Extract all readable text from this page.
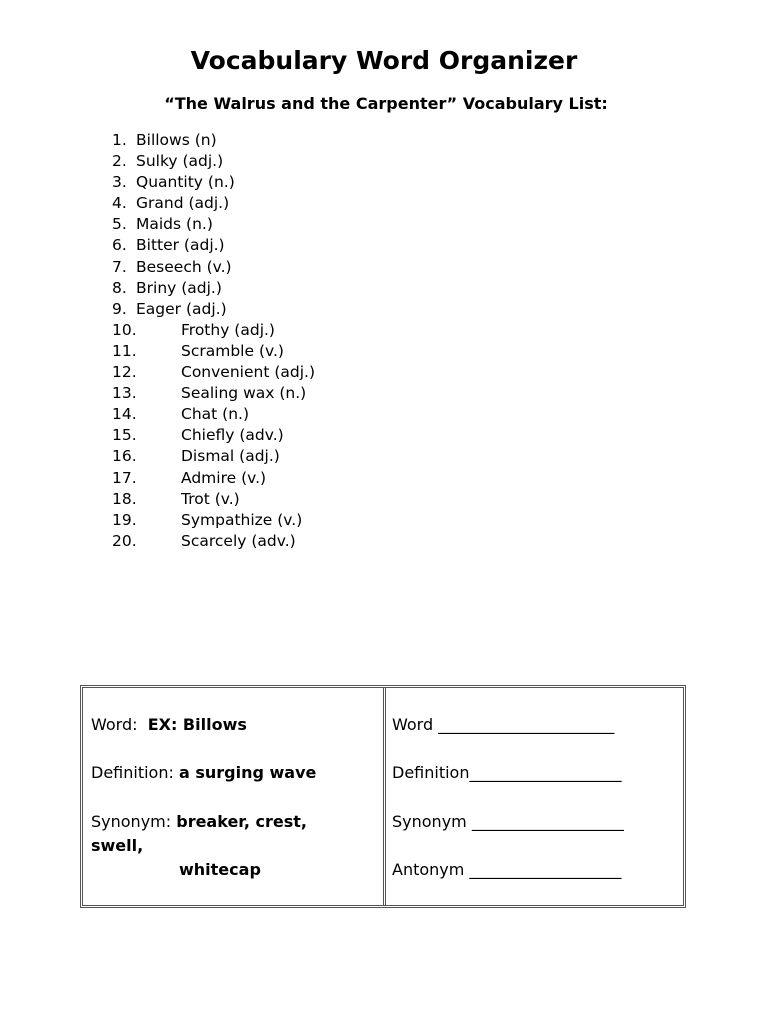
Vocabulary Word Organizer
“The Walrus and the Carpenter” Vocabulary List:
1. Billows (n)
2. Sulky (adj.)
3. Quantity (n.)
4. Grand (adj.)
5. Maids (n.)
6. Bitter (adj.)
7. Beseech (v.)
8. Briny (adj.)
9. Eager (adj.)
10.	Frothy (adj.)
11.	Scramble (v.)
12.	Convenient (adj.)
13.	Sealing wax (n.)
14.	Chat (n.)
15.	Chiefly (adv.)
16.	Dismal (adj.)
17.	Admire (v.)
18.	Trot (v.)
19.	Sympathize (v.)
20.	Scarcely (adv.)
Word: EX: Billows
Definition: a surging wave
Synonym: breaker, crest,
swell,
whitecap
Word ______________________
Definition___________________
Synonym ___________________
Antonym ___________________
